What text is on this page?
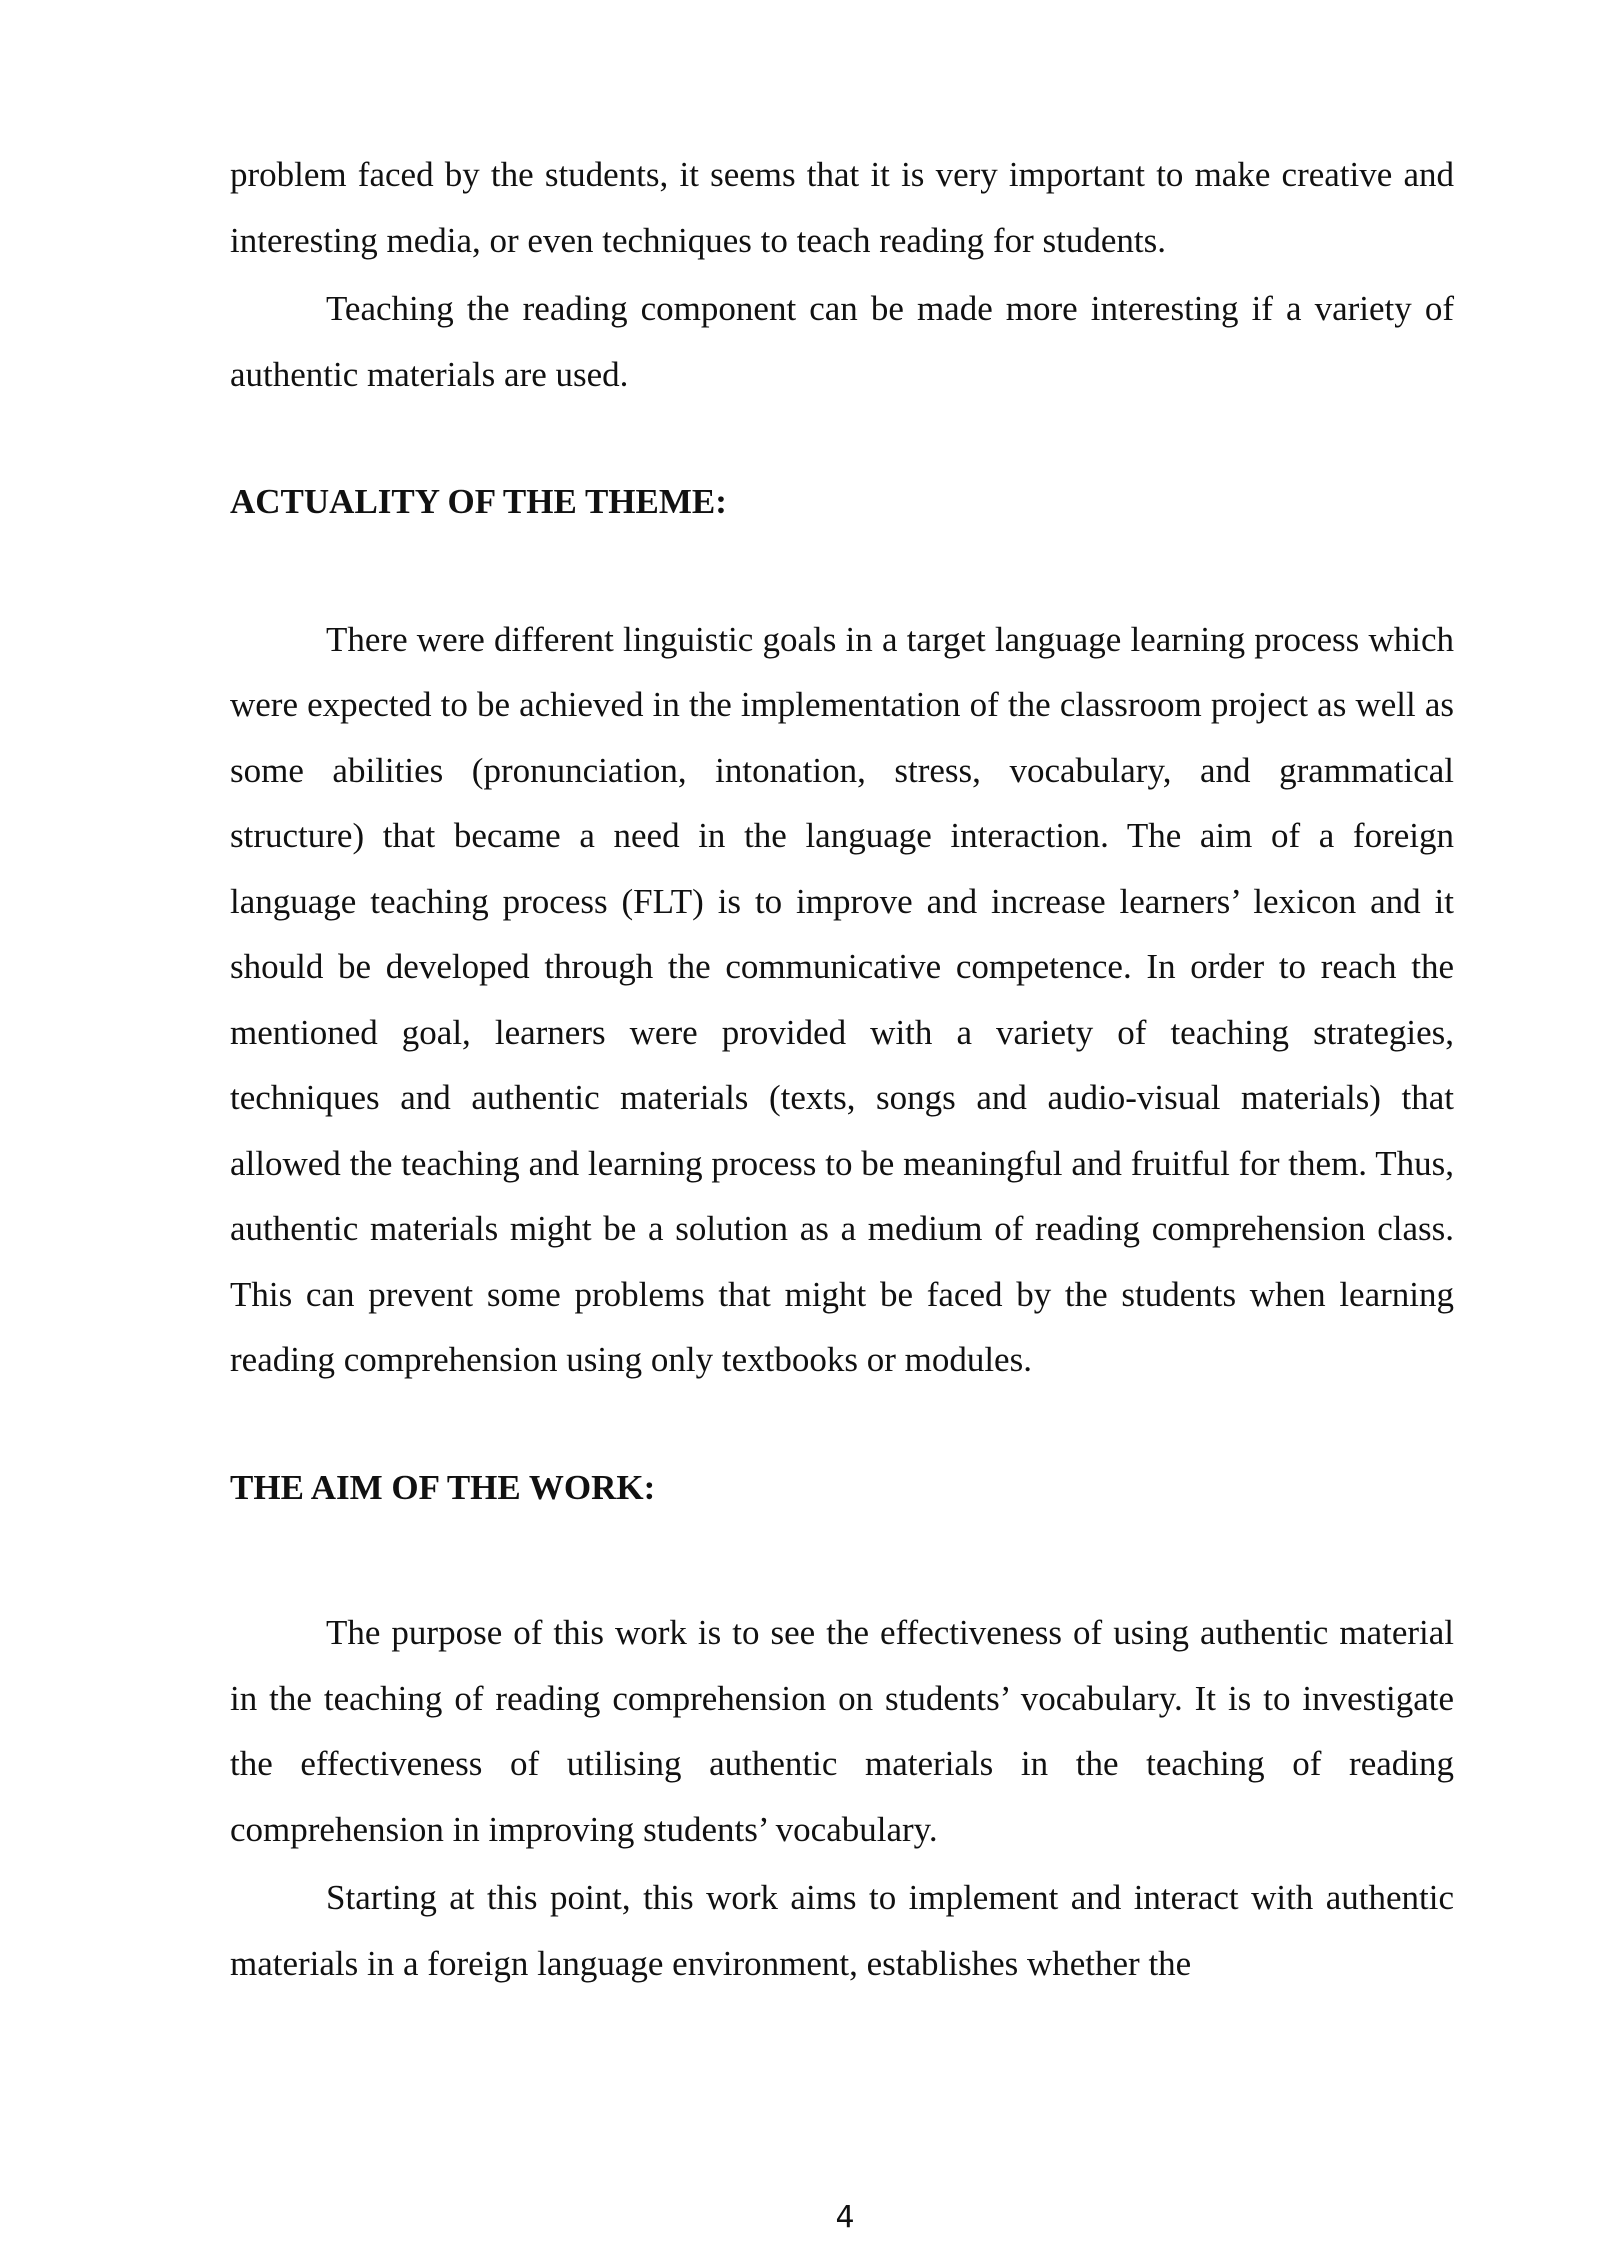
problem faced by the students, it seems that it is very important to make creative and interesting media, or even techniques to teach reading for students.

Teaching the reading component can be made more interesting if a variety of authentic materials are used.

ACTUALITY OF THE THEME:

There were different linguistic goals in a target language learning process which were expected to be achieved in the implementation of the classroom project as well as some abilities (pronunciation, intonation, stress, vocabulary, and grammatical structure) that became a need in the language interaction. The aim of a foreign language teaching process (FLT) is to improve and increase learners’ lexicon and it should be developed through the communicative competence. In order to reach the mentioned goal, learners were provided with a variety of teaching strategies, techniques and authentic materials (texts, songs and audio-visual materials) that allowed the teaching and learning process to be meaningful and fruitful for them. Thus, authentic materials might be a solution as a medium of reading comprehension class. This can prevent some problems that might be faced by the students when learning reading comprehension using only textbooks or modules.

THE AIM OF THE WORK:

The purpose of this work is to see the effectiveness of using authentic material in the teaching of reading comprehension on students’ vocabulary. It is to investigate the effectiveness of utilising authentic materials in the teaching of reading comprehension in improving students’ vocabulary.

Starting at this point, this work aims to implement and interact with authentic materials in a foreign language environment, establishes whether the

4
